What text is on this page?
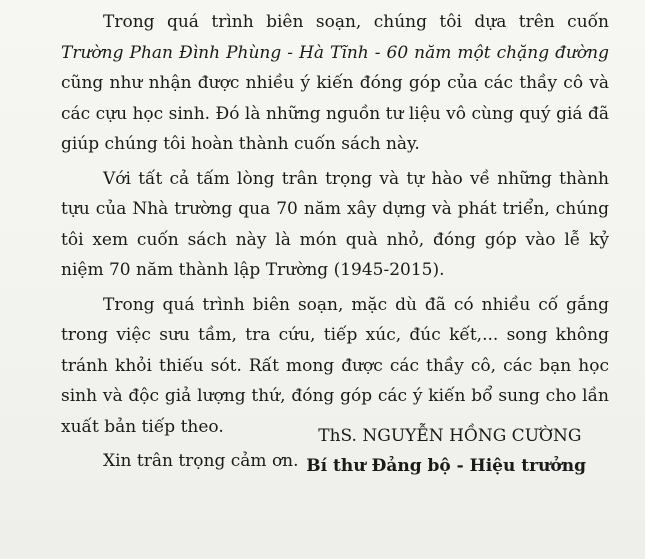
Trong quá trình biên soạn, chúng tôi dựa trên cuốn Trường Phan Đình Phùng - Hà Tĩnh - 60 năm một chặng đường cũng như nhận được nhiều ý kiến đóng góp của các thầy cô và các cựu học sinh. Đó là những nguồn tư liệu vô cùng quý giá đã giúp chúng tôi hoàn thành cuốn sách này.

Với tất cả tấm lòng trân trọng và tự hào về những thành tựu của Nhà trường qua 70 năm xây dựng và phát triển, chúng tôi xem cuốn sách này là món quà nhỏ, đóng góp vào lễ kỷ niệm 70 năm thành lập Trường (1945-2015).

Trong quá trình biên soạn, mặc dù đã có nhiều cố gắng trong việc sưu tầm, tra cứu, tiếp xúc, đúc kết,... song không tránh khỏi thiếu sót. Rất mong được các thầy cô, các bạn học sinh và độc giả lượng thứ, đóng góp các ý kiến bổ sung cho lần xuất bản tiếp theo.

Xin trân trọng cảm ơn.

ThS. NGUYỄN HỒNG CƯỜNG
Bí thư Đảng bộ - Hiệu trưởng
